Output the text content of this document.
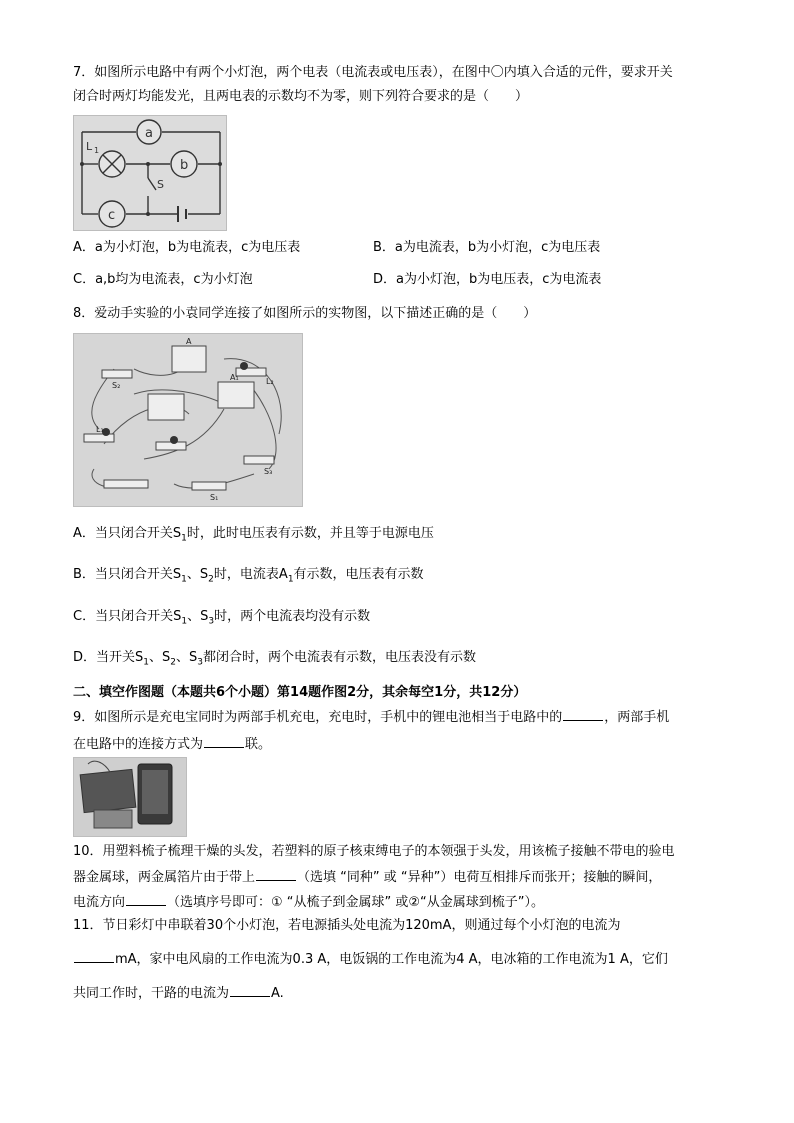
7．如图所示电路中有两个小灯泡，两个电表（电流表或电压表），在图中〇内填入合适的元件，要求开关
闭合时两灯均能发光，且两电表的示数均不为零，则下列符合要求的是（　　）
a
b
c
L 1
S
A．a为小灯泡，b为电流表，c为电压表	B．a为电流表，b为小灯泡，c为电压表
C．a,b均为电流表，c为小灯泡	D．a为小灯泡，b为电压表，c为电流表
8．爱动手实验的小袁同学连接了如图所示的实物图，以下描述正确的是（　　）
A
A₁
L₁
L₂
S₁
S₂
S₃
A．当只闭合开关$S_1$时，此时电压表有示数，并且等于电源电压
B．当只闭合开关$S_1$、$S_2$时，电流表$A_1$有示数，电压表有示数
C．当只闭合开关$S_1$、$S_3$时，两个电流表均没有示数
D．当开关$S_1$、$S_2$、$S_3$都闭合时，两个电流表有示数，电压表没有示数
二、填空作图题（本题共6个小题）第14题作图2分，其余每空1分，共12分）
9．如图所示是充电宝同时为两部手机充电，充电时，手机中的锂电池相当于电路中的	，两部手机
在电路中的连接方式为	联。
10．用塑料梳子梳理干燥的头发，若塑料的原子核束缚电子的本领强于头发，用该梳子接触不带电的验电
器金属球，两金属箔片由于带上	（选填 “同种” 或 “异种”）电荷互相排斥而张开；接触的瞬间，
电流方向	（选填序号即可：① “从梳子到金属球” 或②“从金属球到梳子”）。
11．节日彩灯中串联着30个小灯泡，若电源插头处电流为120mA，则通过每个小灯泡的电流为
mA，家中电风扇的工作电流为0.3 A，电饭锅的工作电流为4 A，电冰箱的工作电流为1 A，它们
共同工作时，干路的电流为	A.
